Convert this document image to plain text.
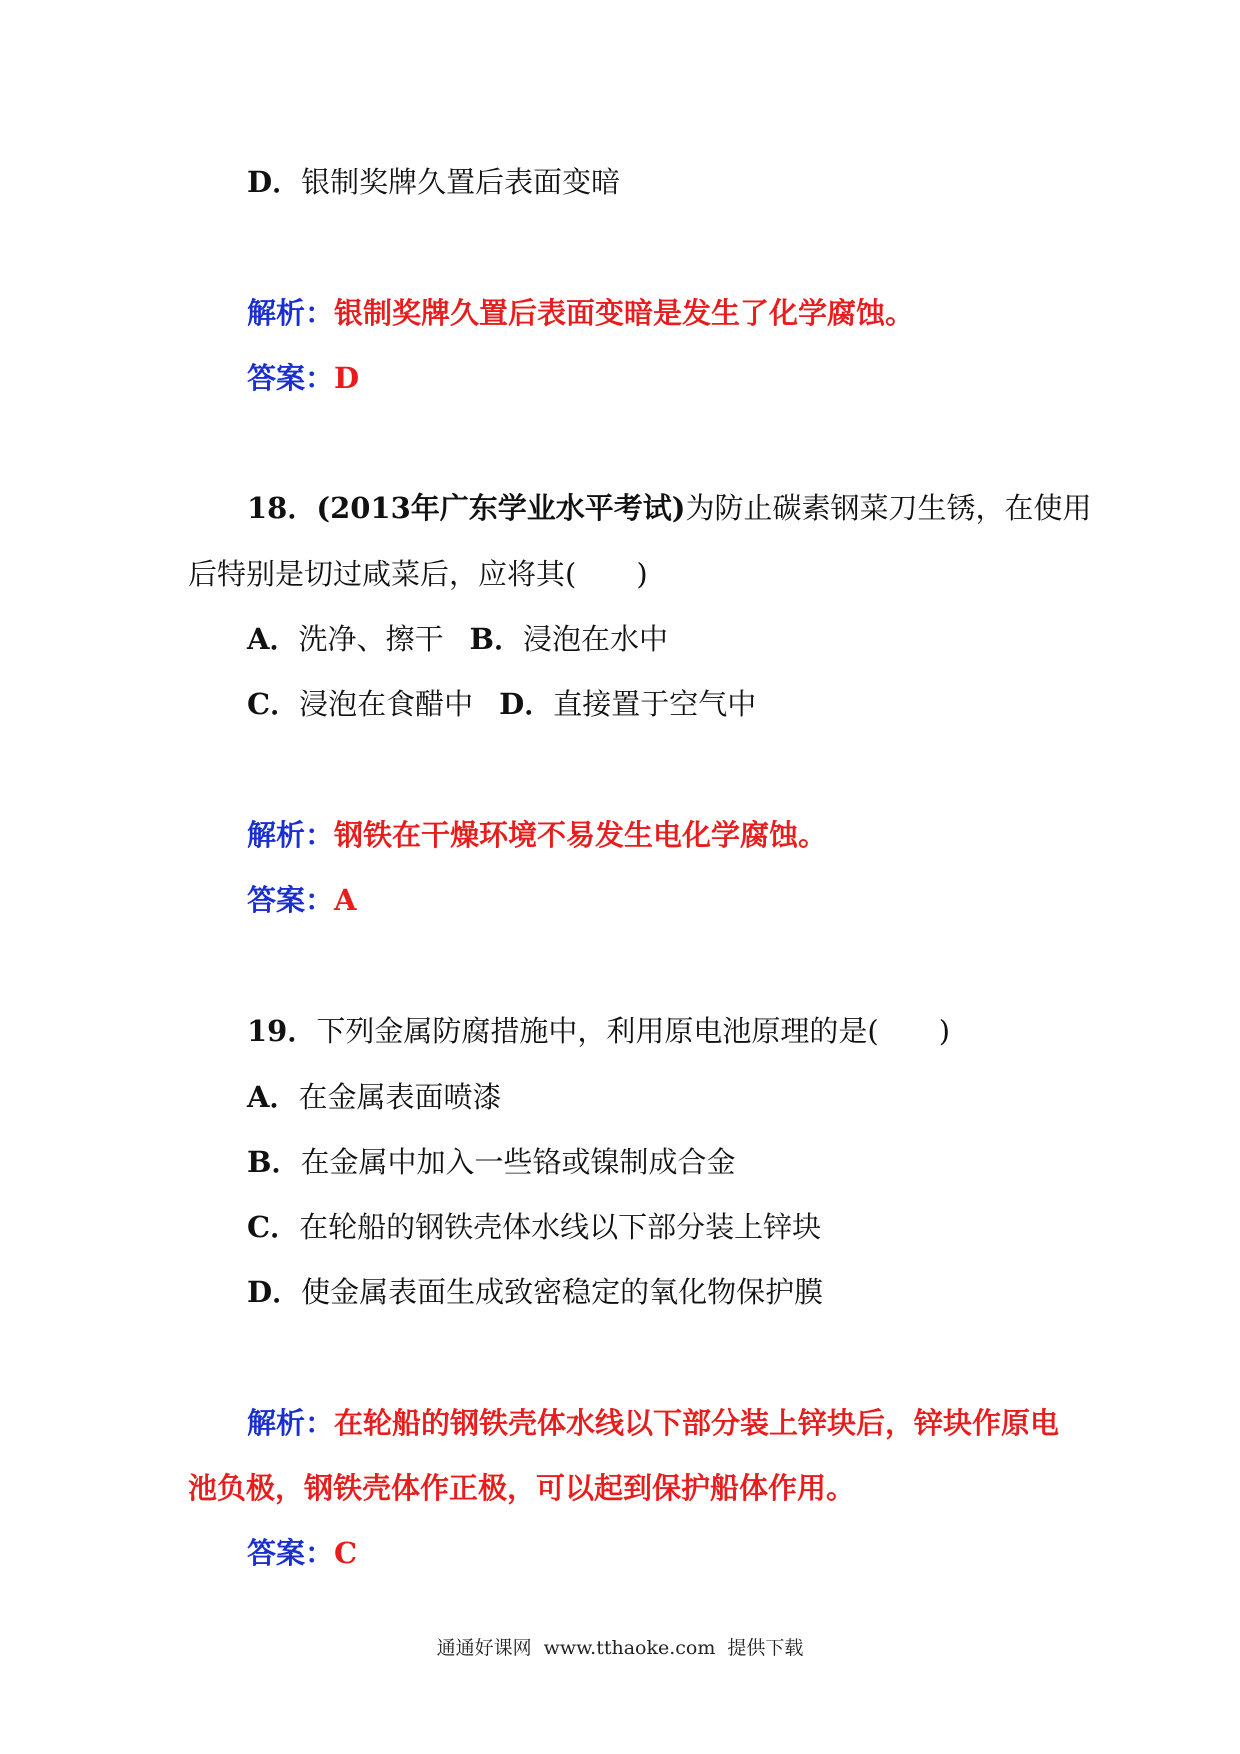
D．银制奖牌久置后表面变暗
解析：银制奖牌久置后表面变暗是发生了化学腐蚀。
答案：D
18．(2013年广东学业水平考试)为防止碳素钢菜刀生锈，在使用
后特别是切过咸菜后，应将其( )
A．洗净、擦干 B．浸泡在水中
C．浸泡在食醋中 D．直接置于空气中
解析：钢铁在干燥环境不易发生电化学腐蚀。
答案：A
19．下列金属防腐措施中，利用原电池原理的是( )
A．在金属表面喷漆
B．在金属中加入一些铬或镍制成合金
C．在轮船的钢铁壳体水线以下部分装上锌块
D．使金属表面生成致密稳定的氧化物保护膜
解析：在轮船的钢铁壳体水线以下部分装上锌块后，锌块作原电
池负极，钢铁壳体作正极，可以起到保护船体作用。
答案：C
通通好课网 www.tthaoke.com 提供下载
